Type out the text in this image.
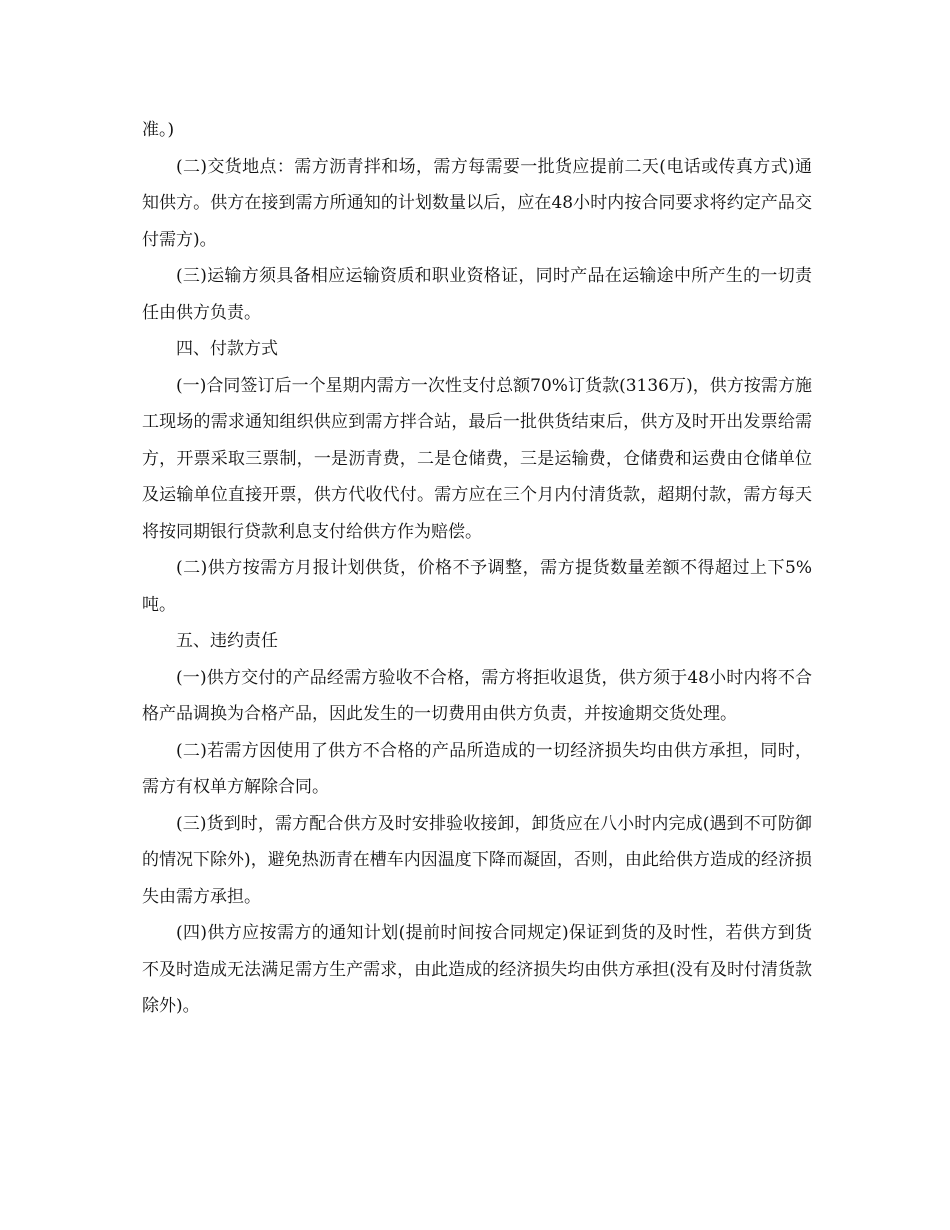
准。)

(二)交货地点：需方沥青拌和场，需方每需要一批货应提前二天(电话或传真方式)通知供方。供方在接到需方所通知的计划数量以后，应在48小时内按合同要求将约定产品交付需方)。

(三)运输方须具备相应运输资质和职业资格证，同时产品在运输途中所产生的一切责任由供方负责。

四、付款方式

(一)合同签订后一个星期内需方一次性支付总额70%订货款(3136万)，供方按需方施工现场的需求通知组织供应到需方拌合站，最后一批供货结束后，供方及时开出发票给需方，开票采取三票制，一是沥青费，二是仓储费，三是运输费，仓储费和运费由仓储单位及运输单位直接开票，供方代收代付。需方应在三个月内付清货款，超期付款，需方每天将按同期银行贷款利息支付给供方作为赔偿。

(二)供方按需方月报计划供货，价格不予调整，需方提货数量差额不得超过上下5%吨。

五、违约责任

(一)供方交付的产品经需方验收不合格，需方将拒收退货，供方须于48小时内将不合格产品调换为合格产品，因此发生的一切费用由供方负责，并按逾期交货处理。

(二)若需方因使用了供方不合格的产品所造成的一切经济损失均由供方承担，同时，需方有权单方解除合同。

(三)货到时，需方配合供方及时安排验收接卸，卸货应在八小时内完成(遇到不可防御的情况下除外)，避免热沥青在槽车内因温度下降而凝固，否则，由此给供方造成的经济损失由需方承担。

(四)供方应按需方的通知计划(提前时间按合同规定)保证到货的及时性，若供方到货不及时造成无法满足需方生产需求，由此造成的经济损失均由供方承担(没有及时付清货款除外)。
